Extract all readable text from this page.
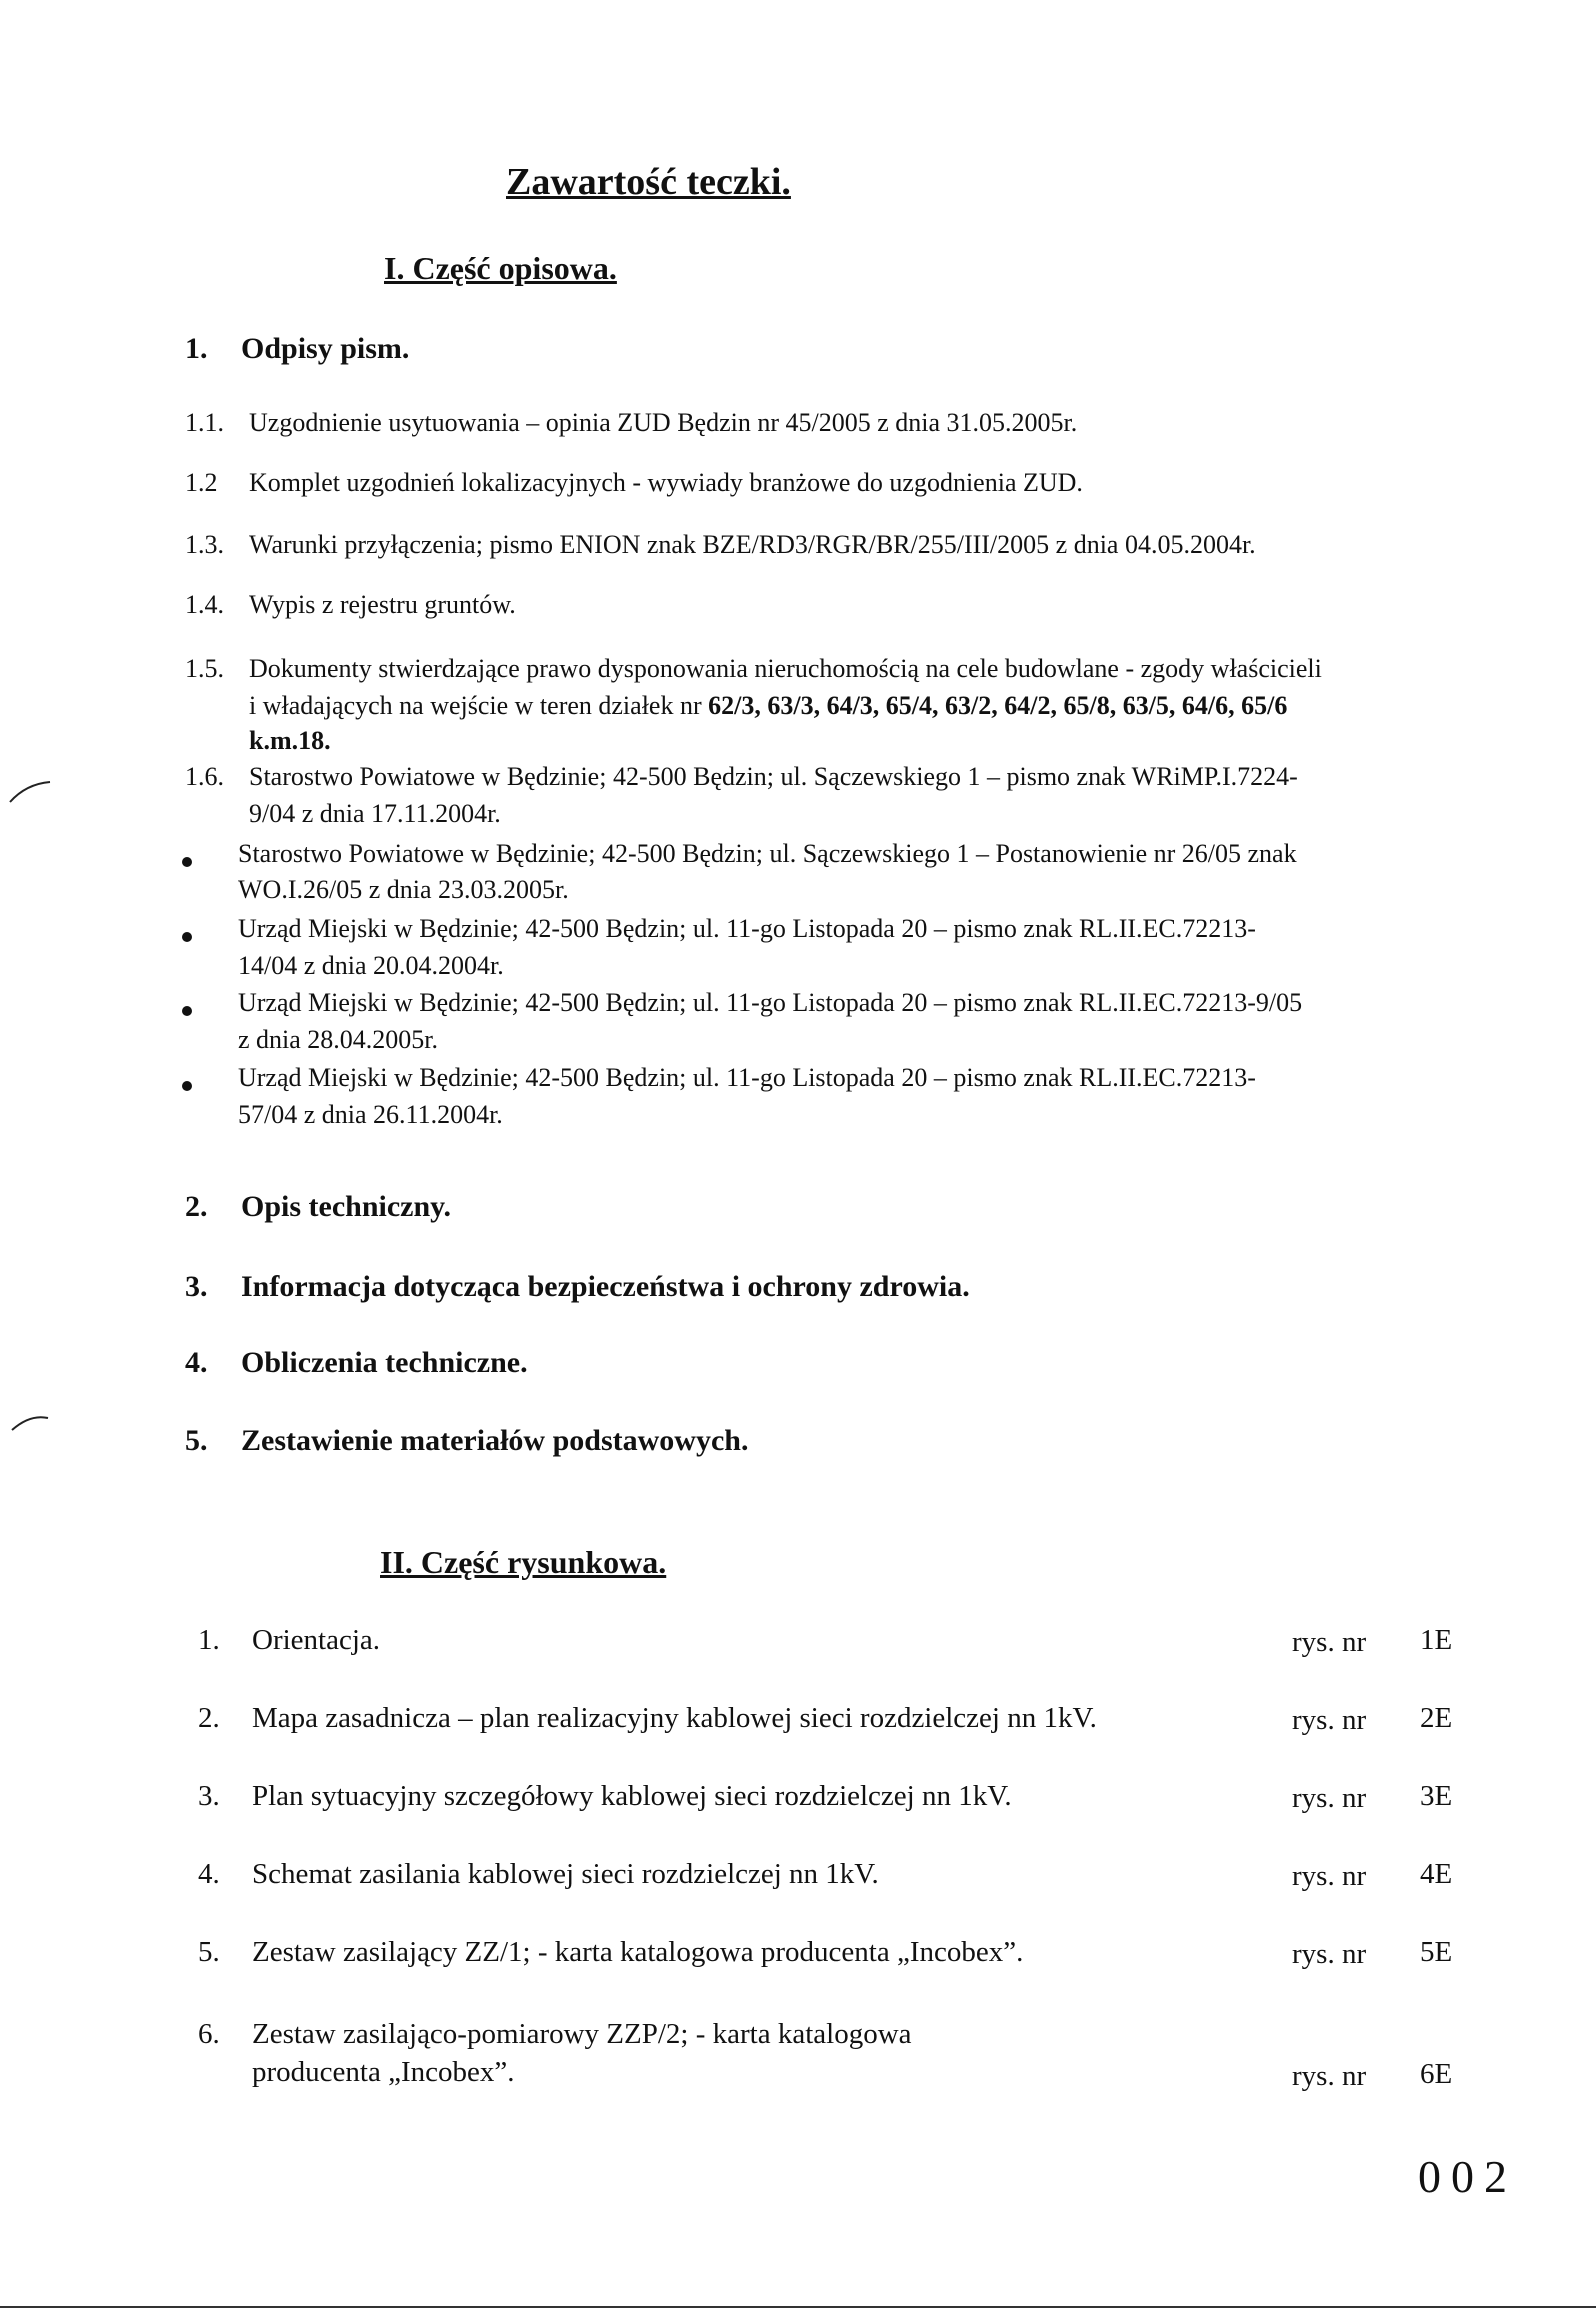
Zawartość teczki.
I. Część opisowa.
1. Odpisy pism.
1.1. Uzgodnienie usytuowania – opinia ZUD Będzin nr 45/2005 z dnia 31.05.2005r.
1.2 Komplet uzgodnień lokalizacyjnych - wywiady branżowe do uzgodnienia ZUD.
1.3. Warunki przyłączenia; pismo ENION znak BZE/RD3/RGR/BR/255/III/2005 z dnia 04.05.2004r.
1.4. Wypis z rejestru gruntów.
1.5. Dokumenty stwierdzające prawo dysponowania nieruchomością na cele budowlane - zgody właścicieli
i władających na wejście w teren działek nr 62/3, 63/3, 64/3, 65/4, 63/2, 64/2, 65/8, 63/5, 64/6, 65/6
k.m.18.
1.6. Starostwo Powiatowe w Będzinie; 42-500 Będzin; ul. Sączewskiego 1 – pismo znak WRiMP.I.7224-
9/04 z dnia 17.11.2004r.
Starostwo Powiatowe w Będzinie; 42-500 Będzin; ul. Sączewskiego 1 – Postanowienie nr 26/05 znak
WO.I.26/05 z dnia 23.03.2005r.
Urząd Miejski w Będzinie; 42-500 Będzin; ul. 11-go Listopada 20 – pismo znak RL.II.EC.72213-
14/04 z dnia 20.04.2004r.
Urząd Miejski w Będzinie; 42-500 Będzin; ul. 11-go Listopada 20 – pismo znak RL.II.EC.72213-9/05
z dnia 28.04.2005r.
Urząd Miejski w Będzinie; 42-500 Będzin; ul. 11-go Listopada 20 – pismo znak RL.II.EC.72213-
57/04 z dnia 26.11.2004r.
2. Opis techniczny.
3. Informacja dotycząca bezpieczeństwa i ochrony zdrowia.
4. Obliczenia techniczne.
5. Zestawienie materiałów podstawowych.
II. Część rysunkowa.
1. Orientacja.	rys. nr 1E
2. Mapa zasadnicza – plan realizacyjny kablowej sieci rozdzielczej nn 1kV.	rys. nr 2E
3. Plan sytuacyjny szczegółowy kablowej sieci rozdzielczej nn 1kV.	rys. nr 3E
4. Schemat zasilania kablowej sieci rozdzielczej nn 1kV.	rys. nr 4E
5. Zestaw zasilający ZZ/1; - karta katalogowa producenta „Incobex”.	rys. nr 5E
6. Zestaw zasilająco-pomiarowy ZZP/2; - karta katalogowa
producenta „Incobex”.	rys. nr 6E
002
